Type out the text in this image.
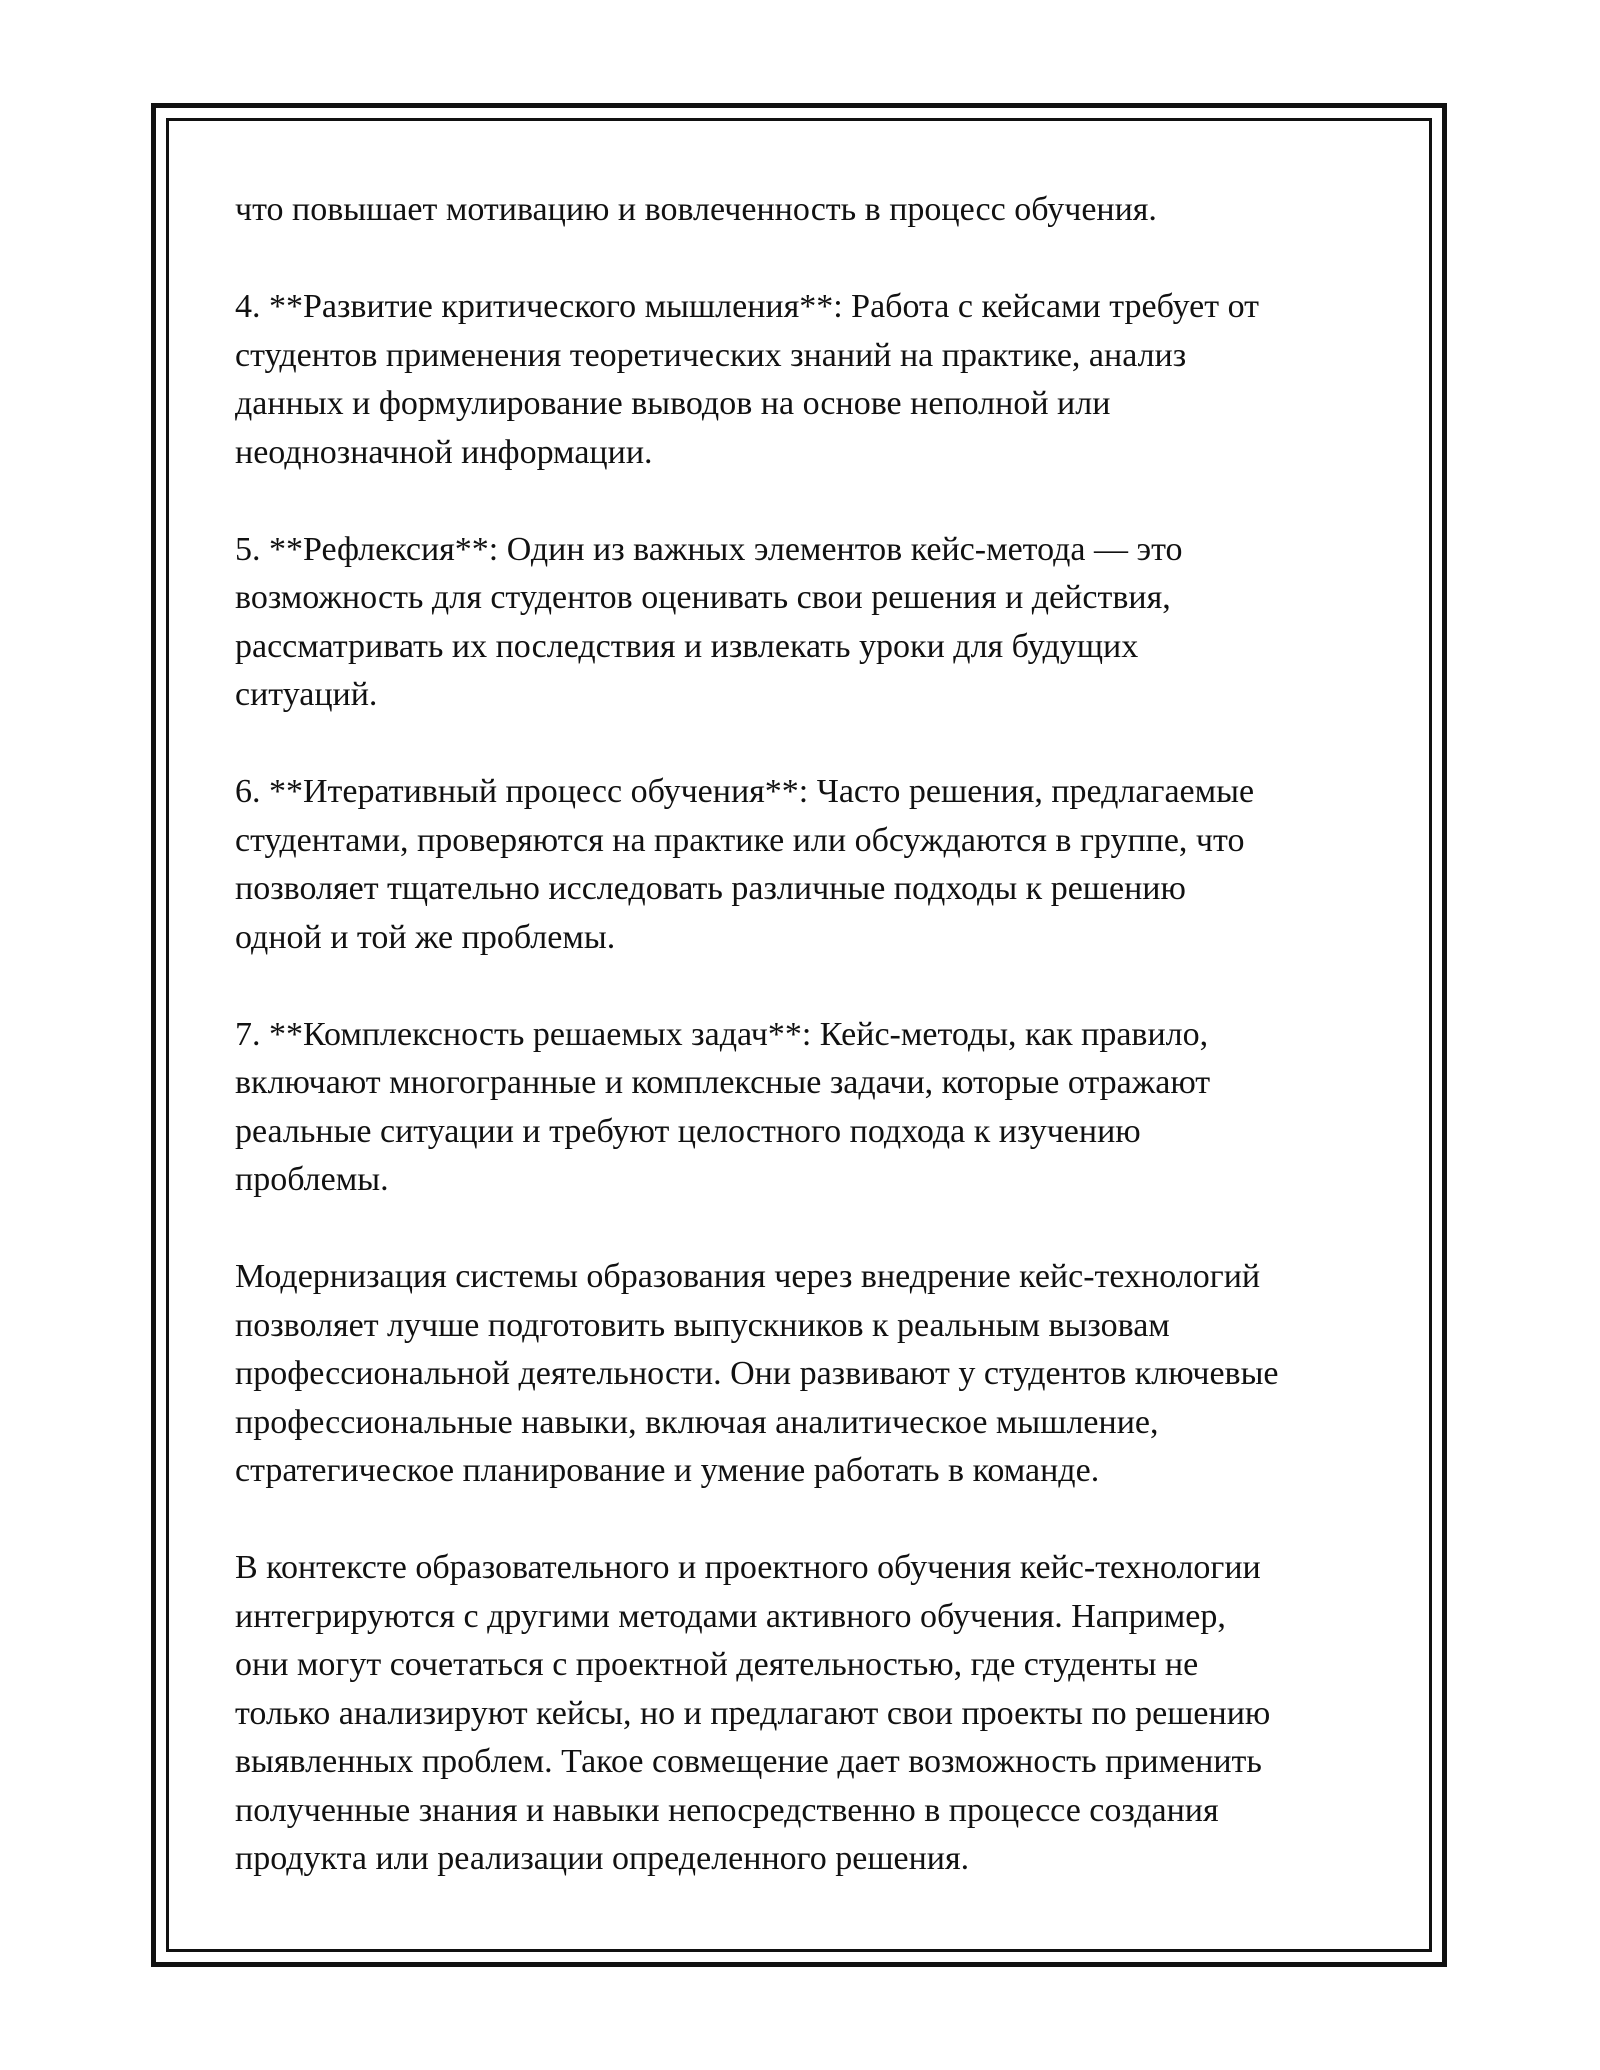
что повышает мотивацию и вовлеченность в процесс обучения.

4. **Развитие критического мышления**: Работа с кейсами требует от
студентов применения теоретических знаний на практике, анализ
данных и формулирование выводов на основе неполной или
неоднозначной информации.

5. **Рефлексия**: Один из важных элементов кейс-метода — это
возможность для студентов оценивать свои решения и действия,
рассматривать их последствия и извлекать уроки для будущих
ситуаций.

6. **Итеративный процесс обучения**: Часто решения, предлагаемые
студентами, проверяются на практике или обсуждаются в группе, что
позволяет тщательно исследовать различные подходы к решению
одной и той же проблемы.

7. **Комплексность решаемых задач**: Кейс-методы, как правило,
включают многогранные и комплексные задачи, которые отражают
реальные ситуации и требуют целостного подхода к изучению
проблемы.

Модернизация системы образования через внедрение кейс-технологий
позволяет лучше подготовить выпускников к реальным вызовам
профессиональной деятельности. Они развивают у студентов ключевые
профессиональные навыки, включая аналитическое мышление,
стратегическое планирование и умение работать в команде.

В контексте образовательного и проектного обучения кейс-технологии
интегрируются с другими методами активного обучения. Например,
они могут сочетаться с проектной деятельностью, где студенты не
только анализируют кейсы, но и предлагают свои проекты по решению
выявленных проблем. Такое совмещение дает возможность применить
полученные знания и навыки непосредственно в процессе создания
продукта или реализации определенного решения.
